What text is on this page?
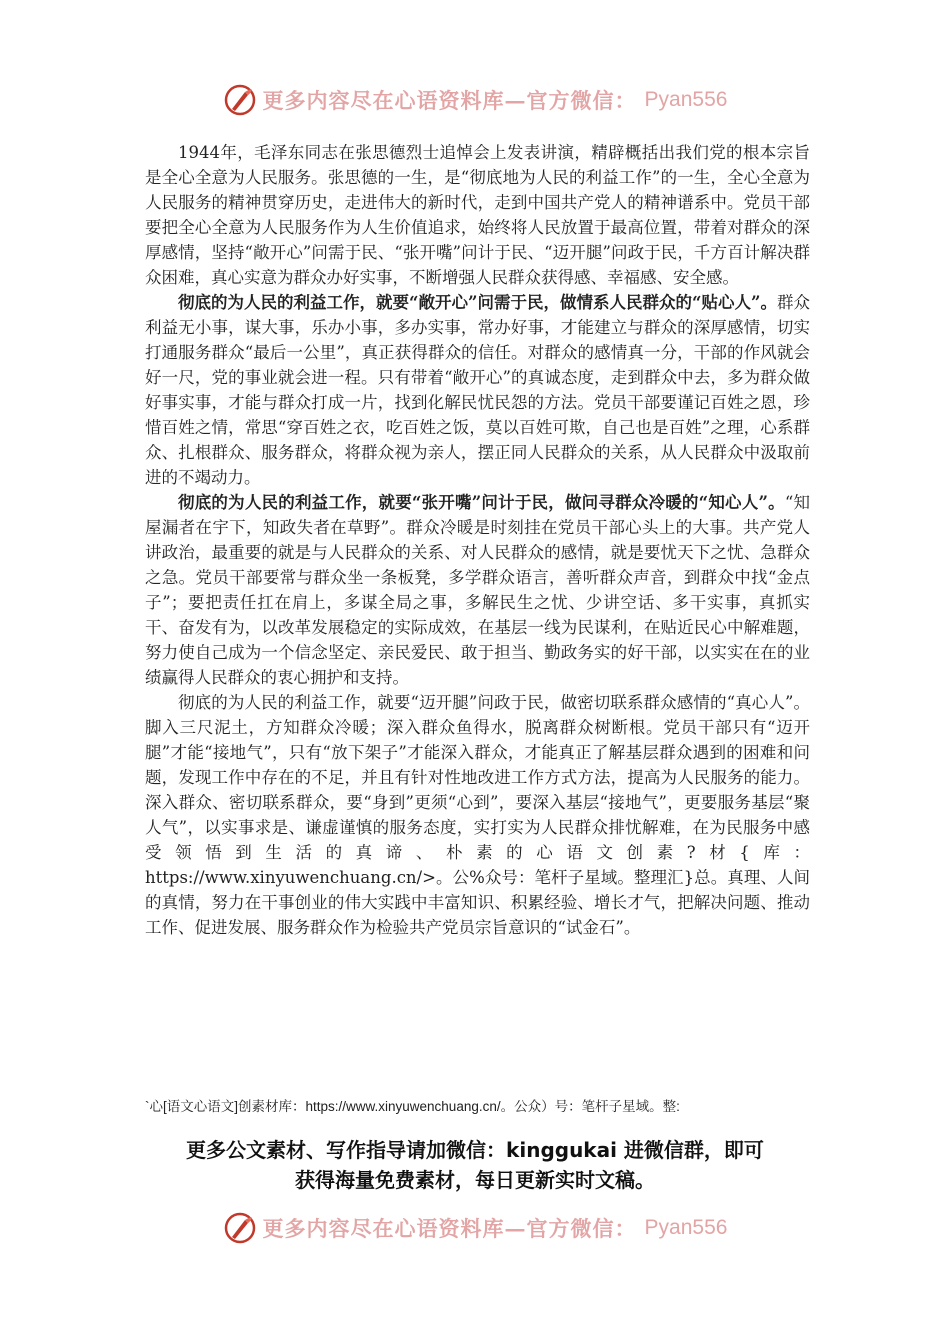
更多内容尽在心语资料库—官方微信： Pyan556

1944年，毛泽东同志在张思德烈士追悼会上发表讲演，精辟概括出我们党的根本宗旨是全心全意为人民服务。张思德的一生，是“彻底地为人民的利益工作”的一生，全心全意为人民服务的精神贯穿历史，走进伟大的新时代，走到中国共产党人的精神谱系中。党员干部要把全心全意为人民服务作为人生价值追求，始终将人民放置于最高位置，带着对群众的深厚感情，坚持“敞开心”问需于民、“张开嘴”问计于民、“迈开腿”问政于民，千方百计解决群众困难，真心实意为群众办好实事，不断增强人民群众获得感、幸福感、安全感。

彻底的为人民的利益工作，就要“敞开心”问需于民，做情系人民群众的“贴心人”。群众利益无小事，谋大事，乐办小事，多办实事，常办好事，才能建立与群众的深厚感情，切实打通服务群众“最后一公里”，真正获得群众的信任。对群众的感情真一分，干部的作风就会好一尺，党的事业就会进一程。只有带着“敞开心”的真诚态度，走到群众中去，多为群众做好事实事，才能与群众打成一片，找到化解民忧民怨的方法。党员干部要谨记百姓之恩，珍惜百姓之情，常思“穿百姓之衣，吃百姓之饭，莫以百姓可欺，自己也是百姓”之理，心系群众、扎根群众、服务群众，将群众视为亲人，摆正同人民群众的关系，从人民群众中汲取前进的不竭动力。

彻底的为人民的利益工作，就要“张开嘴”问计于民，做问寻群众冷暖的“知心人”。“知屋漏者在宇下，知政失者在草野”。群众冷暖是时刻挂在党员干部心头上的大事。共产党人讲政治，最重要的就是与人民群众的关系、对人民群众的感情，就是要忧天下之忧、急群众之急。党员干部要常与群众坐一条板凳，多学群众语言，善听群众声音，到群众中找“金点子”；要把责任扛在肩上，多谋全局之事，多解民生之忧、少讲空话、多干实事，真抓实干、奋发有为，以改革发展稳定的实际成效，在基层一线为民谋利，在贴近民心中解难题，努力使自己成为一个信念坚定、亲民爱民、敢于担当、勤政务实的好干部，以实实在在的业绩赢得人民群众的衷心拥护和支持。

彻底的为人民的利益工作，就要“迈开腿”问政于民，做密切联系群众感情的“真心人”。脚入三尺泥土，方知群众冷暖；深入群众鱼得水，脱离群众树断根。党员干部只有“迈开腿”才能“接地气”，只有“放下架子”才能深入群众，才能真正了解基层群众遇到的困难和问题，发现工作中存在的不足，并且有针对性地改进工作方式方法，提高为人民服务的能力。深入群众、密切联系群众，要“身到”更须“心到”，要深入基层“接地气”，更要服务基层“聚人气”，以实事求是、谦虚谨慎的服务态度，实打实为人民群众排忧解难，在为民服务中感受领悟到生活的真谛、朴素的心语文创素?材{库：https://www.xinyuwenchuang.cn/>。公%众号：笔杆子星域。整理汇}总。真理、人间的真情，努力在干事创业的伟大实践中丰富知识、积累经验、增长才气，把解决问题、推动工作、促进发展、服务群众作为检验共产党员宗旨意识的“试金石”。

`心[语文心语文]创素材库：https://www.xinyuwenchuang.cn/。公众）号：笔杆子星域。整:
更多公文素材、写作指导请加微信：kinggukai 进微信群，即可
获得海量免费素材，每日更新实时文稿。
更多内容尽在心语资料库—官方微信： Pyan556
